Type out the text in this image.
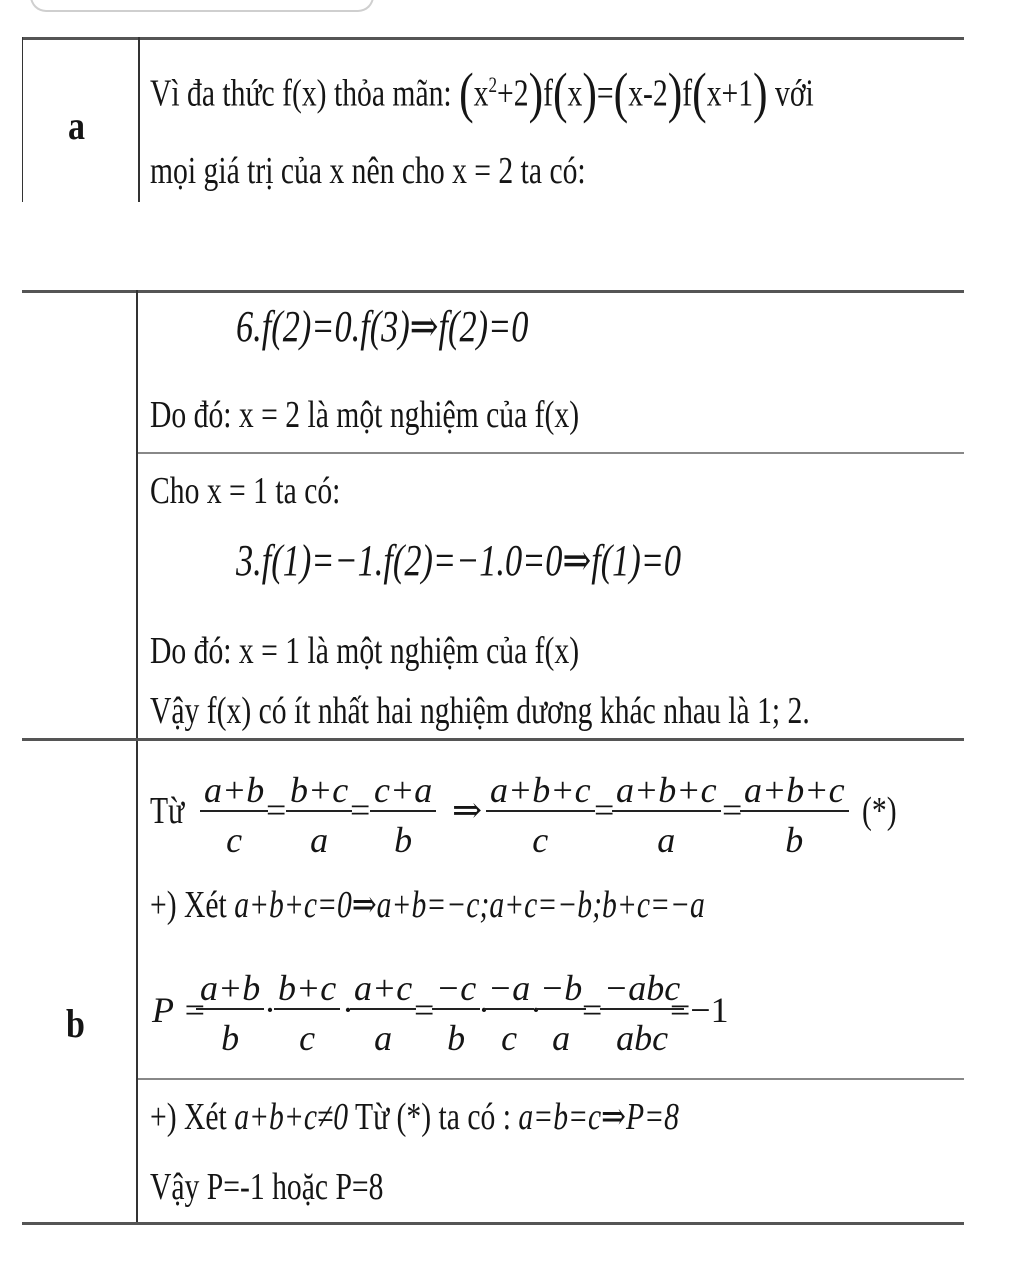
a
Vì đa thức f(x) thỏa mãn: $(x^2+2)f(x)=(x-2)f(x+1)$ với
mọi giá trị của x nên cho x = 2 ta có:
6.f(2)=0.f(3)⇒f(2)=0
Do đó: x = 2 là một nghiệm của f(x)
Cho x = 1 ta có:
3.f(1)=−1.f(2)=−1.0=0⇒f(1)=0
Do đó: x = 1 là một nghiệm của f(x)
Vậy f(x) có ít nhất hai nghiệm dương khác nhau là 1; 2.
b
Từ $\frac{a+b}{c}$
= $\frac{b+c}{a}$
= $\frac{c+a}{b}$ ⇒ $\frac{a+b+c}{c}$ =
$\frac{a+b+c}{a}$ =
$\frac{a+b+c}{b}$ (*)
+) Xét a+b+c=0⇒a+b=−c;a+c=−b;b+c=−a
P =
$\frac{a+b}{b}$ ·
$\frac{b+c}{c}$ ·
$\frac{a+c}{a}$
=
$\frac{-c}{b}$
·
$\frac{-a}{c}$
·
$\frac{-b}{a}$
=
−abc
abc
=−1
+) Xét a+b+c≠0 Từ (*) ta có : a=b=c⇒P=8
Vậy P=-1 hoặc P=8
